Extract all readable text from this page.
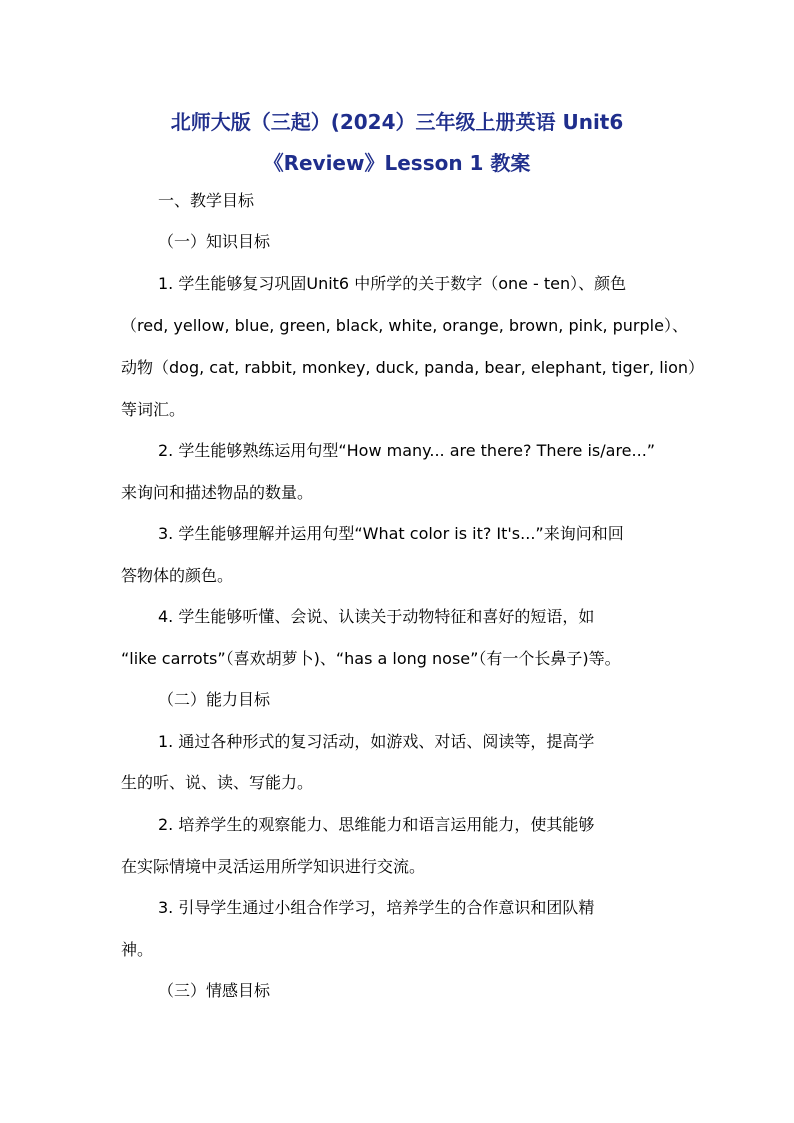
北师大版（三起）(2024）三年级上册英语 Unit6
《Review》Lesson 1 教案
一、教学目标
（一）知识目标
1. 学生能够复习巩固Unit6 中所学的关于数字（one - ten）、颜色
（red, yellow, blue, green, black, white, orange, brown, pink, purple）、
动物（dog, cat, rabbit, monkey, duck, panda, bear, elephant, tiger, lion）
等词汇。
2. 学生能够熟练运用句型“How many... are there? There is/are...”
来询问和描述物品的数量。
3. 学生能够理解并运用句型“What color is it? It's...”来询问和回
答物体的颜色。
4. 学生能够听懂、会说、认读关于动物特征和喜好的短语，如
“like carrots”（喜欢胡萝卜)、“has a long nose”（有一个长鼻子)等。
（二）能力目标
1. 通过各种形式的复习活动，如游戏、对话、阅读等，提高学
生的听、说、读、写能力。
2. 培养学生的观察能力、思维能力和语言运用能力，使其能够
在实际情境中灵活运用所学知识进行交流。
3. 引导学生通过小组合作学习，培养学生的合作意识和团队精
神。
（三）情感目标
